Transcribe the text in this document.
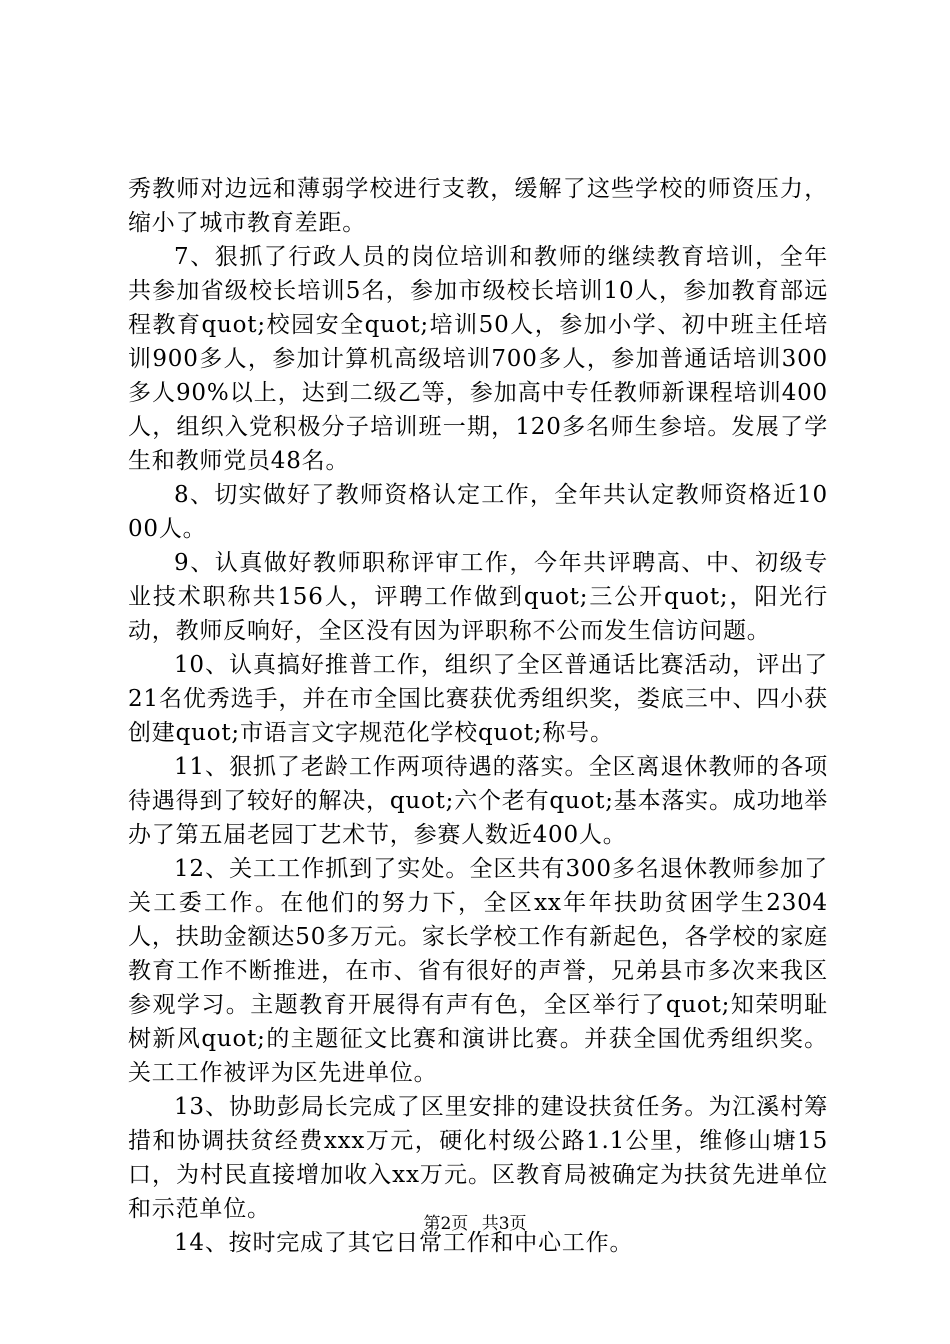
秀教师对边远和薄弱学校进行支教，缓解了这些学校的师资压力，缩小了城市教育差距。

7、狠抓了行政人员的岗位培训和教师的继续教育培训，全年共参加省级校长培训5名，参加市级校长培训10人，参加教育部远程教育quot;校园安全quot;培训50人，参加小学、初中班主任培训900多人，参加计算机高级培训700多人，参加普通话培训300多人90%以上，达到二级乙等，参加高中专任教师新课程培训400人，组织入党积极分子培训班一期，120多名师生参培。发展了学生和教师党员48名。

8、切实做好了教师资格认定工作，全年共认定教师资格近1000人。

9、认真做好教师职称评审工作，今年共评聘高、中、初级专业技术职称共156人，评聘工作做到quot;三公开quot;，阳光行动，教师反响好，全区没有因为评职称不公而发生信访问题。

10、认真搞好推普工作，组织了全区普通话比赛活动，评出了21名优秀选手，并在市全国比赛获优秀组织奖，娄底三中、四小获创建quot;市语言文字规范化学校quot;称号。

11、狠抓了老龄工作两项待遇的落实。全区离退休教师的各项待遇得到了较好的解决，quot;六个老有quot;基本落实。成功地举办了第五届老园丁艺术节，参赛人数近400人。

12、关工工作抓到了实处。全区共有300多名退休教师参加了关工委工作。在他们的努力下，全区xx年年扶助贫困学生2304人，扶助金额达50多万元。家长学校工作有新起色，各学校的家庭教育工作不断推进，在市、省有很好的声誉，兄弟县市多次来我区参观学习。主题教育开展得有声有色，全区举行了quot;知荣明耻树新风quot;的主题征文比赛和演讲比赛。并获全国优秀组织奖。关工工作被评为区先进单位。

13、协助彭局长完成了区里安排的建设扶贫任务。为江溪村筹措和协调扶贫经费xxx万元，硬化村级公路1.1公里，维修山塘15口，为村民直接增加收入xx万元。区教育局被确定为扶贫先进单位和示范单位。

14、按时完成了其它日常工作和中心工作。

第2页 共3页
